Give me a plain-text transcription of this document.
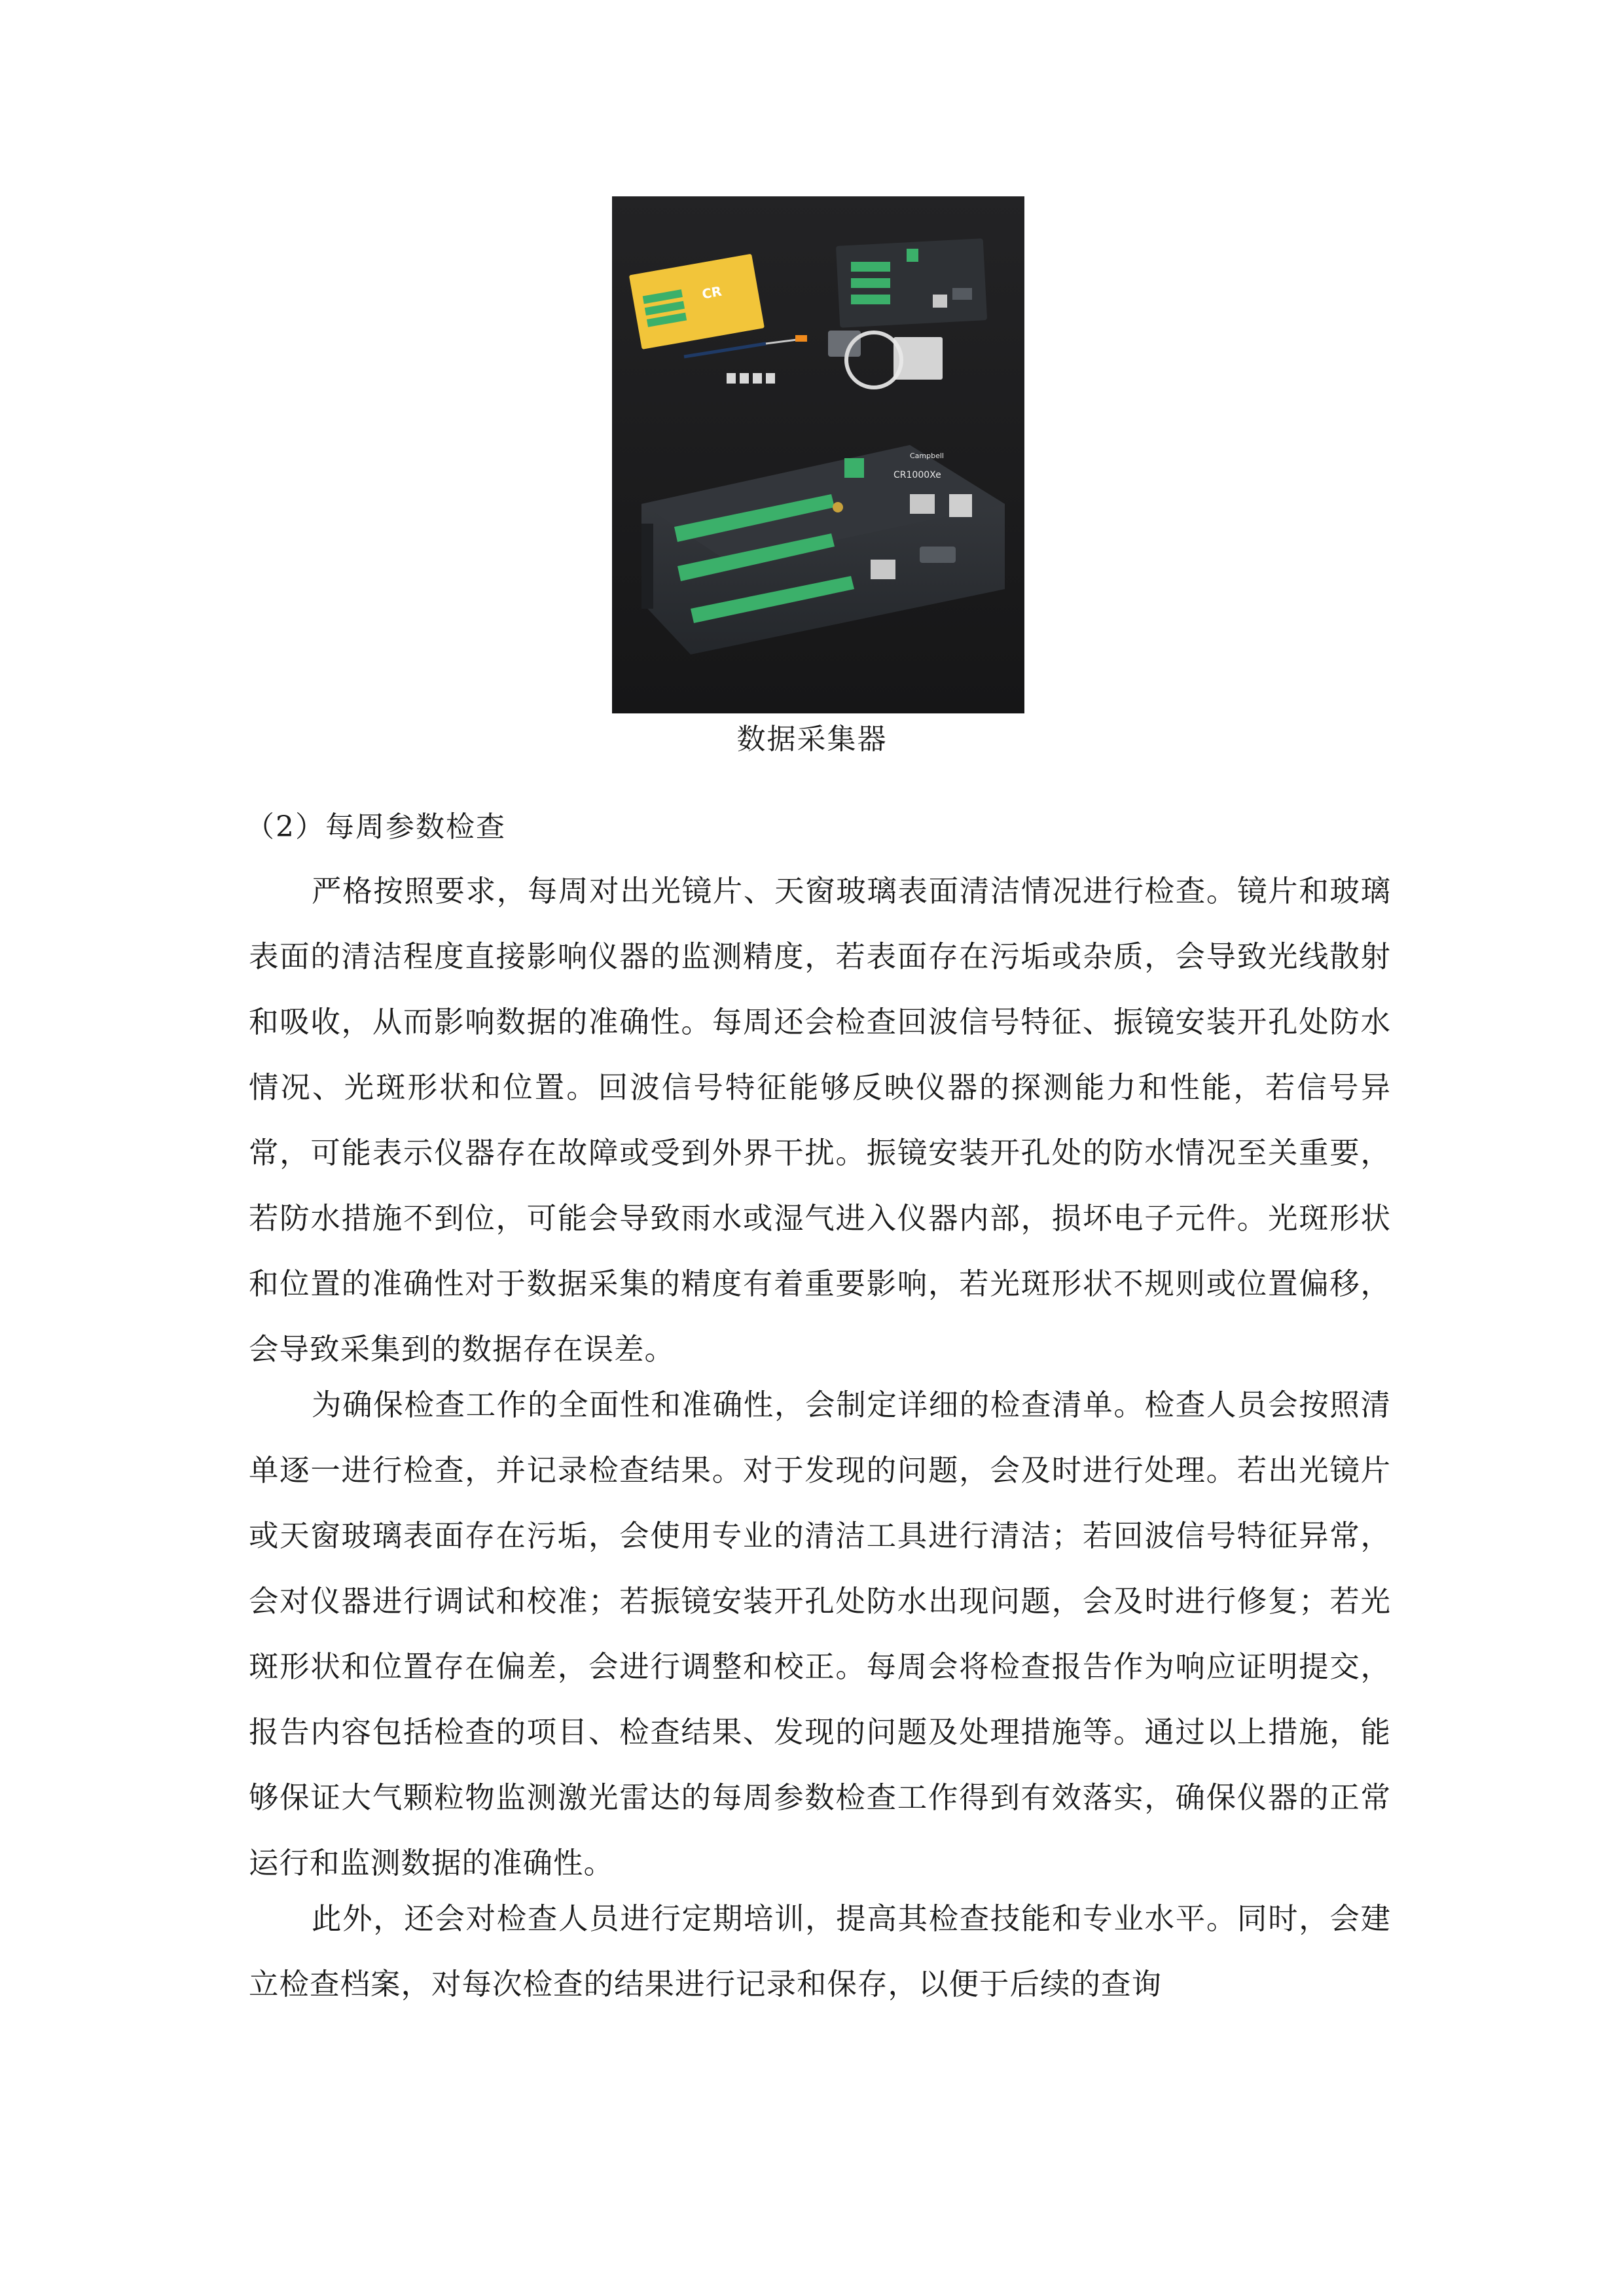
CR
CR1000Xe
Campbell
数据采集器
（2）每周参数检查

严格按照要求，每周对出光镜片、天窗玻璃表面清洁情况进行检查。镜片和玻璃表面的清洁程度直接影响仪器的监测精度，若表面存在污垢或杂质，会导致光线散射和吸收，从而影响数据的准确性。每周还会检查回波信号特征、振镜安装开孔处防水情况、光斑形状和位置。回波信号特征能够反映仪器的探测能力和性能，若信号异常，可能表示仪器存在故障或受到外界干扰。振镜安装开孔处的防水情况至关重要，若防水措施不到位，可能会导致雨水或湿气进入仪器内部，损坏电子元件。光斑形状和位置的准确性对于数据采集的精度有着重要影响，若光斑形状不规则或位置偏移，会导致采集到的数据存在误差。

为确保检查工作的全面性和准确性，会制定详细的检查清单。检查人员会按照清单逐一进行检查，并记录检查结果。对于发现的问题，会及时进行处理。若出光镜片或天窗玻璃表面存在污垢，会使用专业的清洁工具进行清洁；若回波信号特征异常，会对仪器进行调试和校准；若振镜安装开孔处防水出现问题，会及时进行修复；若光斑形状和位置存在偏差，会进行调整和校正。每周会将检查报告作为响应证明提交，报告内容包括检查的项目、检查结果、发现的问题及处理措施等。通过以上措施，能够保证大气颗粒物监测激光雷达的每周参数检查工作得到有效落实，确保仪器的正常运行和监测数据的准确性。

此外，还会对检查人员进行定期培训，提高其检查技能和专业水平。同时，会建立检查档案，对每次检查的结果进行记录和保存，以便于后续的查询
